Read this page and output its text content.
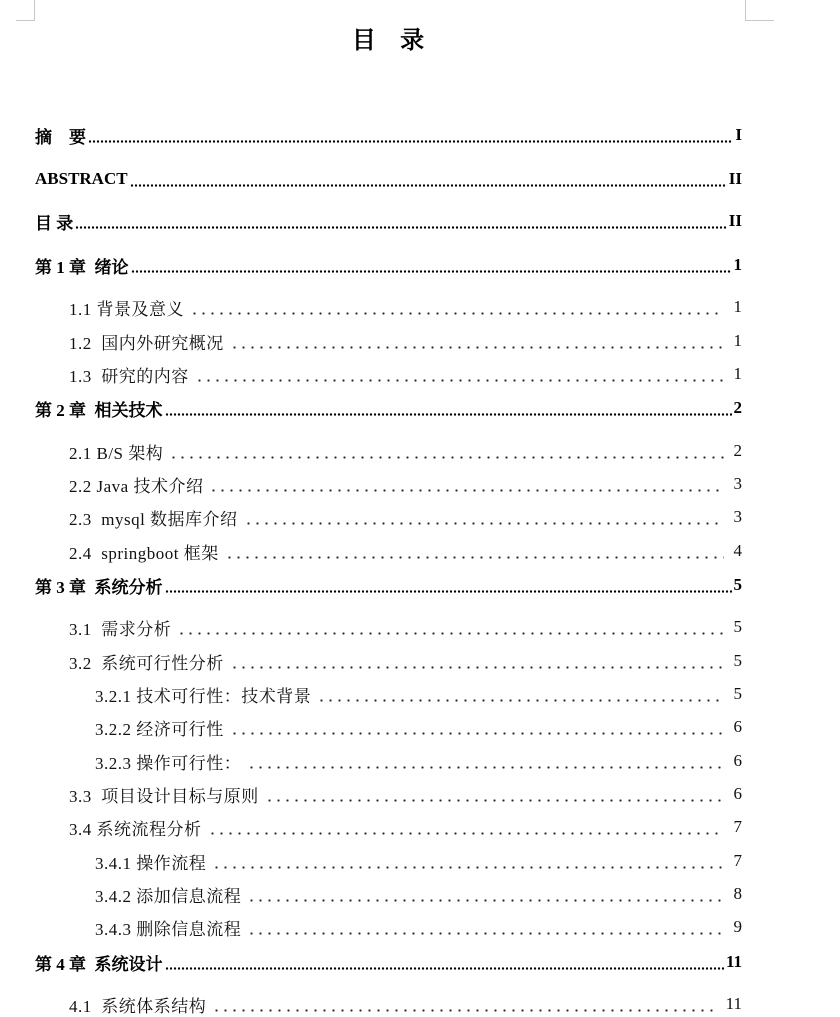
目 录
摘    要	I
ABSTRACT	II
目 录	II
第 1 章  绪论	1
1.1 背景及意义	1
1.2  国内外研究概况	1
1.3  研究的内容	1
第 2 章  相关技术	2
2.1 B/S 架构	2
2.2 Java 技术介绍	3
2.3  mysql 数据库介绍	3
2.4  springboot 框架	4
第 3 章  系统分析	5
3.1  需求分析	5
3.2  系统可行性分析	5
3.2.1 技术可行性：技术背景	5
3.2.2 经济可行性	6
3.2.3 操作可行性：	6
3.3  项目设计目标与原则	6
3.4 系统流程分析	7
3.4.1 操作流程	7
3.4.2 添加信息流程	8
3.4.3 删除信息流程	9
第 4 章  系统设计	11
4.1  系统体系结构	11
